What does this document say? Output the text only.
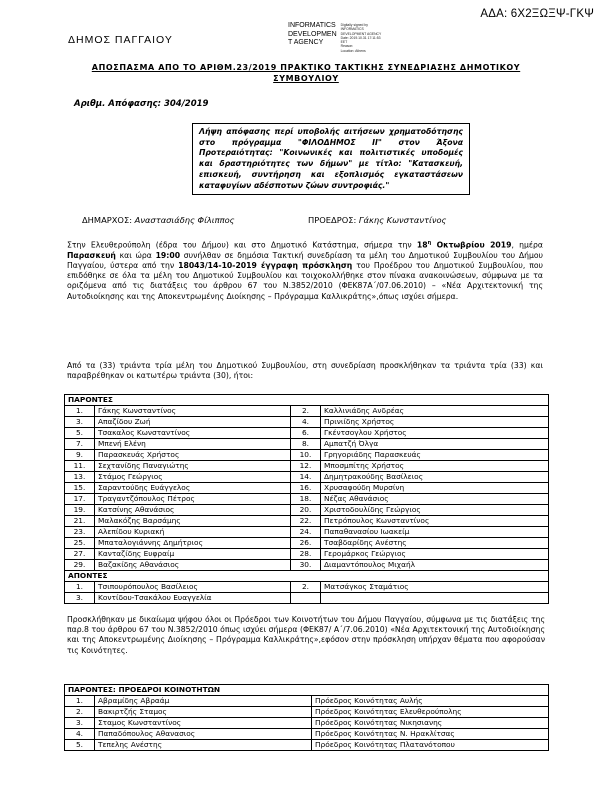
ΑΔΑ: 6Χ2ΞΩΞΨ-ΓΚΨ
ΔΗΜΟΣ ΠΑΓΓΑΙΟΥ
INFORMATICS
DEVELOPMEN
T AGENCY
Digitally signed by
INFORMATICS
DEVELOPMENT AGENCY
Date: 2019.10.31 17:11:53
EET
Reason:
Location: Athens
ΑΠΟΣΠΑΣΜΑ ΑΠΟ ΤΟ ΑΡΙΘΜ.23/2019 ΠΡΑΚΤΙΚΟ ΤΑΚΤΙΚΗΣ ΣΥΝΕΔΡΙΑΣΗΣ ΔΗΜΟΤΙΚΟΥ ΣΥΜΒΟΥΛΙΟΥ
Αριθμ. Απόφασης: 304/2019
Λήψη απόφασης περί υποβολής αιτήσεων χρηματοδότησης στο πρόγραμμα "ΦΙΛΟΔΗΜΟΣ ΙΙ" στον Άξονα Προτεραιότητας: "Κοινωνικές και πολιτιστικές υποδομές και δραστηριότητες των δήμων" με τίτλο: "Κατασκευή, επισκευή, συντήρηση και εξοπλισμός εγκαταστάσεων καταφυγίων αδέσποτων ζώων συντροφιάς."
ΔΗΜΑΡΧΟΣ: Αναστασιάδης Φίλιππος	ΠΡΟΕΔΡΟΣ: Γάκης Κωνσταντίνος
Στην Ελευθερούπολη (έδρα του Δήμου) και στο Δημοτικό Κατάστημα, σήμερα την $18^\eta$ Οκτωβρίου 2019, ημέρα Παρασκευή και ώρα 19:00 συνήλθαν σε δημόσια Τακτική συνεδρίαση τα μέλη του Δημοτικού Συμβουλίου του Δήμου Παγγαίου, ύστερα από την 18043/14-10-2019 έγγραφη πρόσκληση του Προέδρου του Δημοτικού Συμβουλίου, που επιδόθηκε σε όλα τα μέλη του Δημοτικού Συμβουλίου και τοιχοκολλήθηκε στον πίνακα ανακοινώσεων, σύμφωνα με τα οριζόμενα από τις διατάξεις του άρθρου 67 του Ν.3852/2010 (ΦΕΚ87Α΄/07.06.2010) – «Νέα Αρχιτεκτονική της Αυτοδιοίκησης και της Αποκεντρωμένης Διοίκησης – Πρόγραμμα Καλλικράτης»,όπως ισχύει σήμερα.
Από τα (33) τριάντα τρία μέλη του Δημοτικού Συμβουλίου, στη συνεδρίαση προσκλήθηκαν τα τριάντα τρία (33) και παραβρέθηκαν οι κατωτέρω τριάντα (30), ήτοι:
ΠΑΡΟΝΤΕΣ			
1.	Γάκης Κωνσταντίνος	2.	Καλλινιάδης Ανδρέας
3.	Απαζίδου Ζωή	4.	Πρινιίδης Χρήστος
5.	Τσακαλος Κωνσταντίνος	6.	Γκέντσογλου Χρήστος
7.	Μπενή Ελένη	8.	Αμπατζή Όλγα
9.	Παρασκευάς Χρήστος	10.	Γρηγοριάδης Παρασκευάς
11.	Σεχτανίδης Παναγιώτης	12.	Μποσμπίτης Χρήστος
13.	Στάμος Γεώργιος	14.	Δημητρακούδης Βασίλειος
15.	Σαραντούδης Ευάγγελος	16.	Χρυσαφούδη Μυρσίνη
17.	Τραγαντζόπουλος Πέτρος	18.	Νέζας Αθανάσιος
19.	Κατσίνης Αθανάσιος	20.	Χριστοδουλίδης Γεώργιος
21.	Μαλακόζης Βαρσάμης	22.	Πετρόπουλος Κωνσταντίνος
23.	Αλεπίδου Κυριακή	24.	Παπαθανασίου Ιωακείμ
25.	Μπαταλογιάννης Δημήτριος	26.	Τσαβδαρίδης Ανέστης
27.	Κανταζίδης Ευφραίμ	28.	Γερομάρκος Γεώργιος
29.	Βαζακίδης Αθανάσιος	30.	Διαμαντόπουλος Μιχαήλ
ΑΠΟΝΤΕΣ			
1.	Τσιπουρόπουλος Βασίλειος	2.	Ματσάγκος Σταμάτιος
3.	Κοντίδου-Τσακάλου Ευαγγελία		
Προσκλήθηκαν με δικαίωμα ψήφου όλοι οι Πρόεδροι των Κοινοτήτων του Δήμου Παγγαίου, σύμφωνα με τις διατάξεις της παρ.8 του άρθρου 67 του Ν.3852/2010 όπως ισχύει σήμερα (ΦΕΚ87/ Α΄/7.06.2010) «Νέα Αρχιτεκτονική της Αυτοδιοίκησης και της Αποκεντρωμένης Διοίκησης – Πρόγραμμα Καλλικράτης»,εφόσον στην πρόσκληση υπήρχαν θέματα που αφορούσαν τις Κοινότητες.
ΠΑΡΟΝΤΕΣ: ΠΡΟΕΔΡΟΙ ΚΟΙΝΟΤΗΤΩΝ		
1.	Αβραμίδης Αβραάμ	Πρόεδρος Κοινότητας Αυλής
2.	Βακιρτζής Σταμος	Πρόεδρος Κοινότητας Ελευθερούπολης
3.	Σταμος Κωνσταντίνος	Πρόεδρος Κοινότητας Νικησιανης
4.	Παπαδόπουλος Αθανασιος	Πρόεδρος Κοινότητας Ν. Ηρακλίτσας
5.	Τεπελης Ανέστης	Πρόεδρος Κοινότητας Πλατανότοπου
